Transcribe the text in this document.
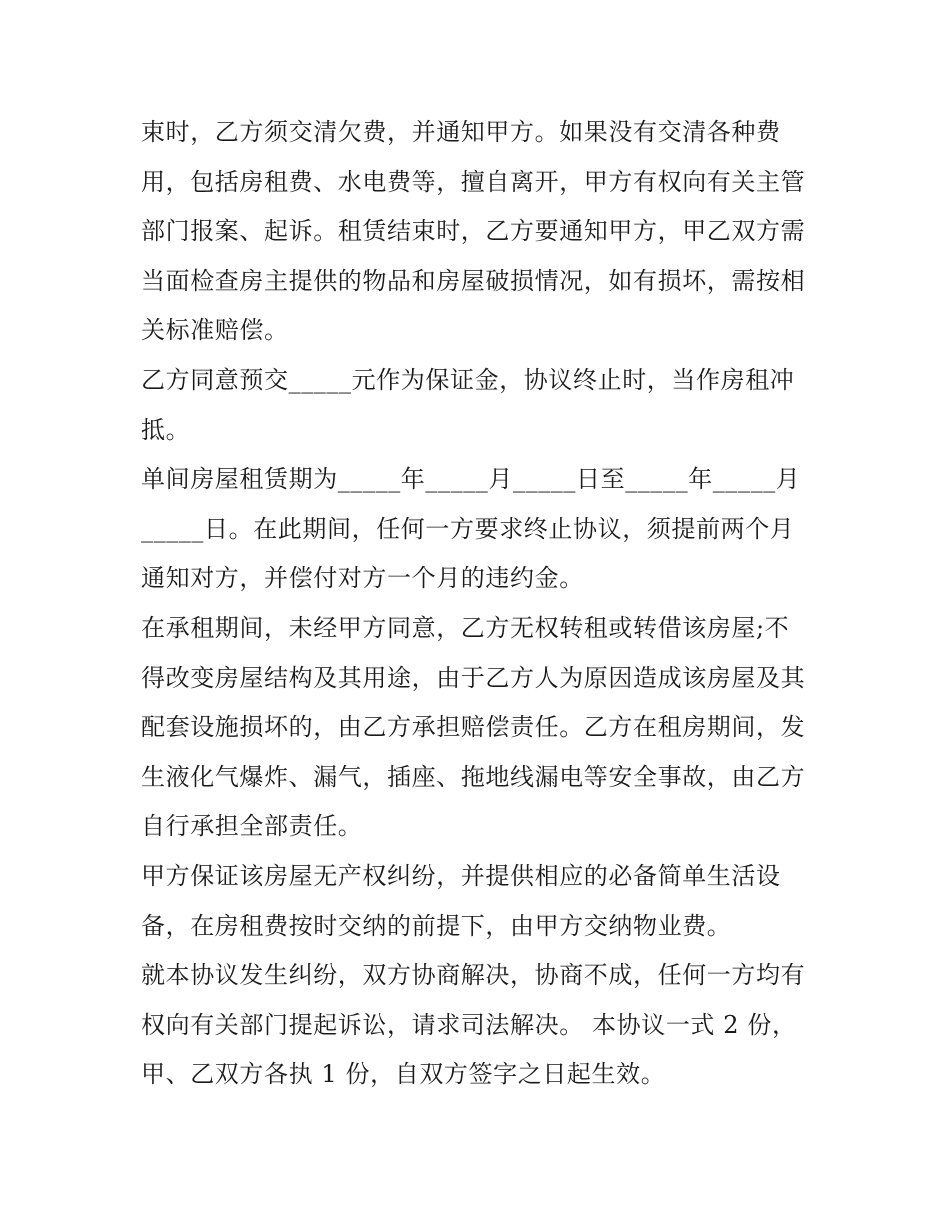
束时，乙方须交清欠费，并通知甲方。如果没有交清各种费
用，包括房租费、水电费等，擅自离开，甲方有权向有关主管
部门报案、起诉。租赁结束时，乙方要通知甲方，甲乙双方需
当面检查房主提供的物品和房屋破损情况，如有损坏，需按相
关标准赔偿。
乙方同意预交_____元作为保证金，协议终止时，当作房租冲
抵。
单间房屋租赁期为_____年_____月_____日至_____年_____月
_____日。在此期间，任何一方要求终止协议，须提前两个月
通知对方，并偿付对方一个月的违约金。
在承租期间，未经甲方同意，乙方无权转租或转借该房屋;不
得改变房屋结构及其用途，由于乙方人为原因造成该房屋及其
配套设施损坏的，由乙方承担赔偿责任。乙方在租房期间，发
生液化气爆炸、漏气，插座、拖地线漏电等安全事故，由乙方
自行承担全部责任。
甲方保证该房屋无产权纠纷，并提供相应的必备简单生活设
备，在房租费按时交纳的前提下，由甲方交纳物业费。
就本协议发生纠纷，双方协商解决，协商不成，任何一方均有
权向有关部门提起诉讼，请求司法解决。 本协议一式 2 份，
甲、乙双方各执 1 份，自双方签字之日起生效。
